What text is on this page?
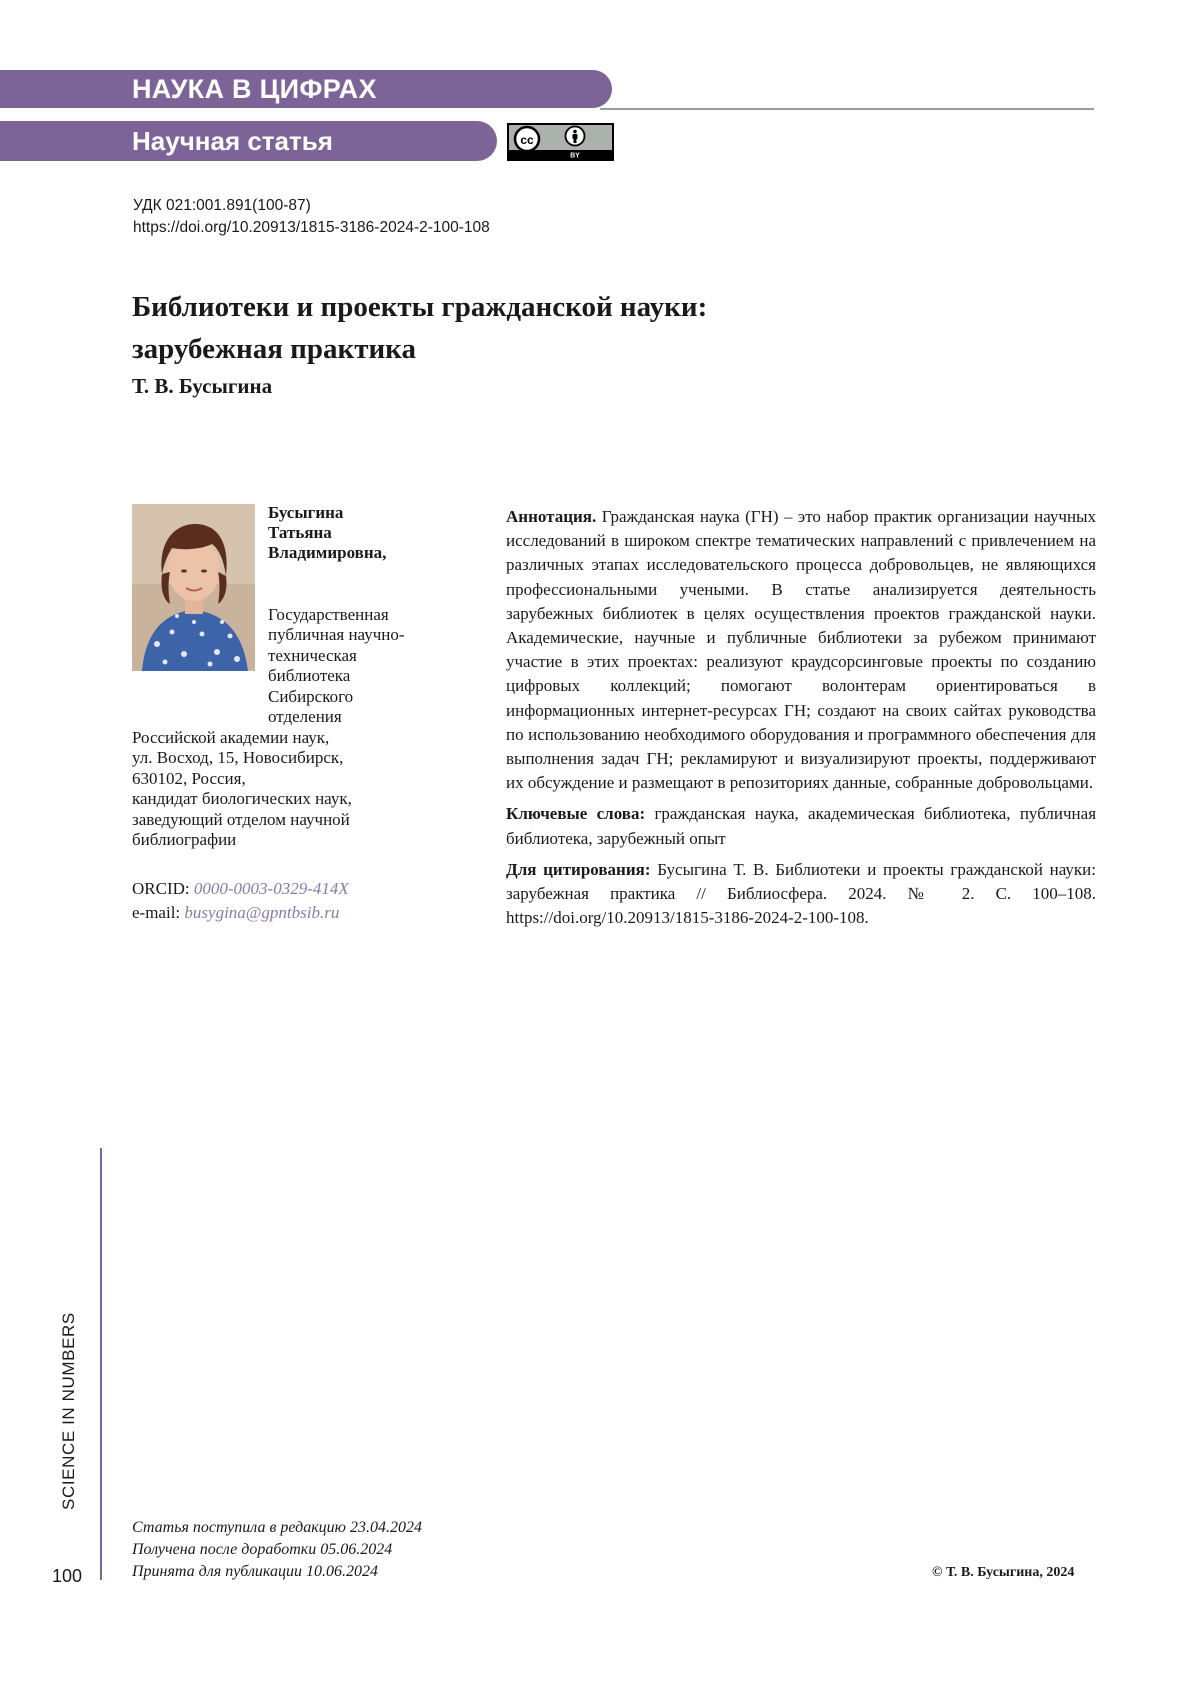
НАУКА В ЦИФРАХ
Научная статья	cc
BY
УДК 021:001.891(100-87)
https://doi.org/10.20913/1815-3186-2024-2-100-108
Библиотеки и проекты гражданской науки:
зарубежная практика
Т. В. Бусыгина
Бусыгина
Татьяна
Владимировна,
Государственная
публичная научно-
техническая
библиотека
Сибирского
отделения
Российской академии наук,
ул. Восход, 15, Новосибирск,
630102, Россия,
кандидат биологических наук,
заведующий отделом научной
библиографии
ORCID: 0000-0003-0329-414X
e-mail: busygina@gpntbsib.ru

Аннотация. Гражданская наука (ГН) – это набор практик организации научных исследований в широком спектре тематических направлений с привлечением на различных этапах исследовательского процесса добровольцев, не являющихся профессиональными учеными. В статье анализируется деятельность зарубежных библиотек в целях осуществления проектов гражданской науки. Академические, научные и публичные библиотеки за рубежом принимают участие в этих проектах: реализуют краудсорсинговые проекты по созданию цифровых коллекций; помогают волонтерам ориентироваться в информационных интернет-ресурсах ГН; создают на своих сайтах руководства по использованию необходимого оборудования и программного обеспечения для выполнения задач ГН; рекламируют и визуализируют проекты, поддерживают их обсуждение и размещают в репозиториях данные, собранные добровольцами.

Ключевые слова: гражданская наука, академическая библиотека, публичная библиотека, зарубежный опыт

Для цитирования: Бусыгина Т. В. Библиотеки и проекты гражданской науки: зарубежная практика // Библиосфера. 2024. № 2. С. 100–108. https://doi.org/10.20913/1815-3186-2024-2-100-108.

SCIENCE IN NUMBERS
100
Статья поступила в редакцию 23.04.2024
Получена после доработки 05.06.2024
Принята для публикации 10.06.2024	© Т. В. Бусыгина, 2024
